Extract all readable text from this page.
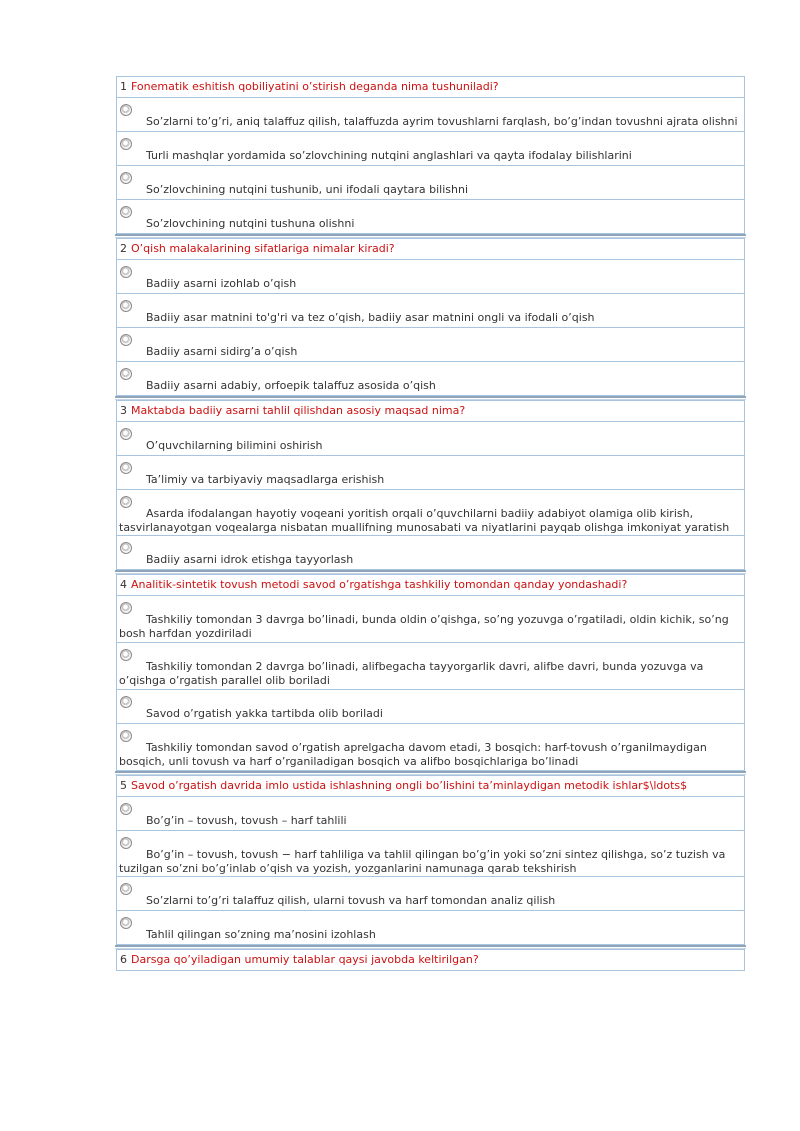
1 Fonematik eshitish qobiliyatini o’stirish deganda nima tushuniladi?
So’zlarni to’g’ri, aniq talaffuz qilish, talaffuzda ayrim tovushlarni farqlash, bo’g’indan tovushni ajrata olishni
Turli mashqlar yordamida so’zlovchining nutqini anglashlari va qayta ifodalay bilishlarini
So’zlovchining nutqini tushunib, uni ifodali qaytara bilishni
So’zlovchining nutqini tushuna olishni
2 O’qish malakalarining sifatlariga nimalar kiradi?
Badiiy asarni izohlab o’qish
Badiiy asar matnini to'g'ri va tez o’qish, badiiy asar matnini ongli va ifodali o’qish
Badiiy asarni sidirg’a o’qish
Badiiy asarni adabiy, orfoepik talaffuz asosida o’qish
3 Maktabda badiiy asarni tahlil qilishdan asosiy maqsad nima?
O’quvchilarning bilimini oshirish
Ta’limiy va tarbiyaviy maqsadlarga erishish
Asarda ifodalangan hayotiy voqeani yoritish orqali o’quvchilarni badiiy adabiyot olamiga olib kirish, tasvirlanayotgan voqealarga nisbatan muallifning munosabati va niyatlarini payqab olishga imkoniyat yaratish
Badiiy asarni idrok etishga tayyorlash
4 Analitik-sintetik tovush metodi savod o’rgatishga tashkiliy tomondan qanday yondashadi?
Tashkiliy tomondan 3 davrga bo’linadi, bunda oldin o’qishga, so’ng yozuvga o’rgatiladi, oldin kichik, so’ng bosh harfdan yozdiriladi
Tashkiliy tomondan 2 davrga bo’linadi, alifbegacha tayyorgarlik davri, alifbe davri, bunda yozuvga va o’qishga o’rgatish parallel olib boriladi
Savod o’rgatish yakka tartibda olib boriladi
Tashkiliy tomondan savod o’rgatish aprelgacha davom etadi, 3 bosqich: harf-tovush o’rganilmaydigan bosqich, unli tovush va harf o’rganiladigan bosqich va alifbo bosqichlariga bo’linadi
5 Savod o’rgatish davrida imlo ustida ishlashning ongli bo’lishini ta’minlaydigan metodik ishlar$\ldots$
Bo’g’in – tovush, tovush – harf tahlili
Bo’g’in – tovush, tovush − harf tahliliga va tahlil qilingan bo’g’in yoki so’zni sintez qilishga, so’z tuzish va tuzilgan so’zni bo’g’inlab o’qish va yozish, yozganlarini namunaga qarab tekshirish
So’zlarni to’g’ri talaffuz qilish, ularni tovush va harf tomondan analiz qilish
Tahlil qilingan so’zning ma’nosini izohlash
6 Darsga qo’yiladigan umumiy talablar qaysi javobda keltirilgan?
